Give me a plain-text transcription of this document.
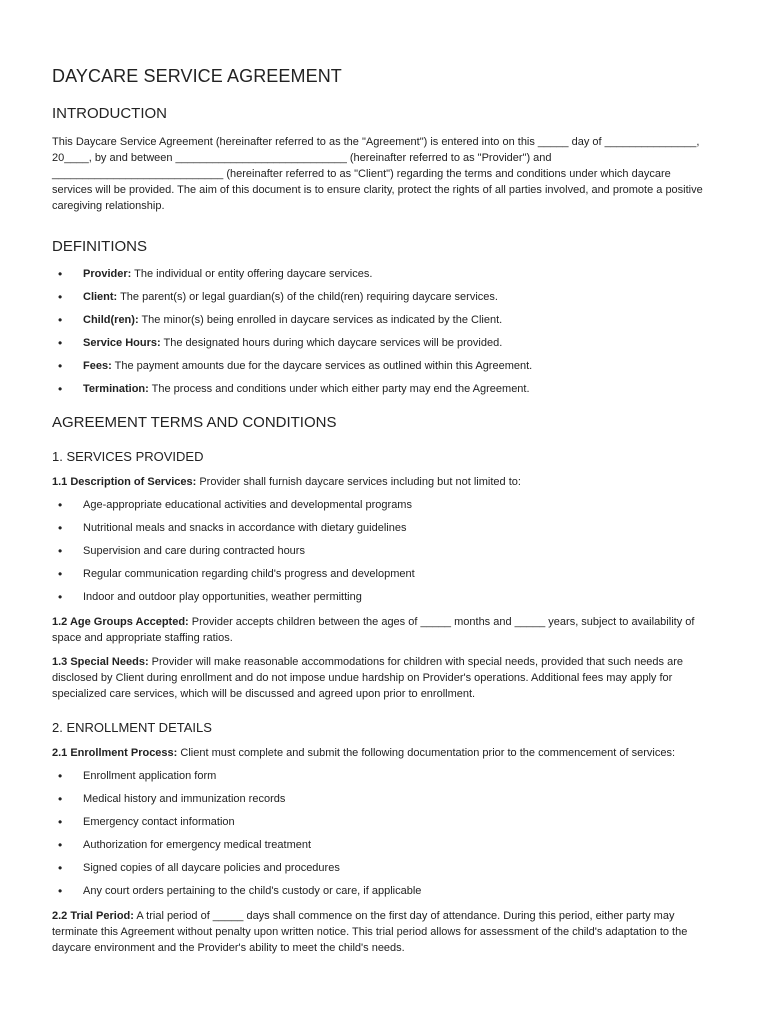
DAYCARE SERVICE AGREEMENT
INTRODUCTION

This Daycare Service Agreement (hereinafter referred to as the "Agreement") is entered into on this _____ day of _______________, 20____, by and between ____________________________ (hereinafter referred to as "Provider") and ____________________________ (hereinafter referred to as "Client") regarding the terms and conditions under which daycare services will be provided. The aim of this document is to ensure clarity, protect the rights of all parties involved, and promote a positive caregiving relationship.

DEFINITIONS
• Provider: The individual or entity offering daycare services.
• Client: The parent(s) or legal guardian(s) of the child(ren) requiring daycare services.
• Child(ren): The minor(s) being enrolled in daycare services as indicated by the Client.
• Service Hours: The designated hours during which daycare services will be provided.
• Fees: The payment amounts due for the daycare services as outlined within this Agreement.
• Termination: The process and conditions under which either party may end the Agreement.
AGREEMENT TERMS AND CONDITIONS
1. SERVICES PROVIDED

1.1 Description of Services: Provider shall furnish daycare services including but not limited to:

• Age-appropriate educational activities and developmental programs
• Nutritional meals and snacks in accordance with dietary guidelines
• Supervision and care during contracted hours
• Regular communication regarding child's progress and development
• Indoor and outdoor play opportunities, weather permitting

1.2 Age Groups Accepted: Provider accepts children between the ages of _____ months and _____ years, subject to availability of space and appropriate staffing ratios.

1.3 Special Needs: Provider will make reasonable accommodations for children with special needs, provided that such needs are disclosed by Client during enrollment and do not impose undue hardship on Provider's operations. Additional fees may apply for specialized care services, which will be discussed and agreed upon prior to enrollment.

2. ENROLLMENT DETAILS

2.1 Enrollment Process: Client must complete and submit the following documentation prior to the commencement of services:

• Enrollment application form
• Medical history and immunization records
• Emergency contact information
• Authorization for emergency medical treatment
• Signed copies of all daycare policies and procedures
• Any court orders pertaining to the child's custody or care, if applicable

2.2 Trial Period: A trial period of _____ days shall commence on the first day of attendance. During this period, either party may terminate this Agreement without penalty upon written notice. This trial period allows for assessment of the child's adaptation to the daycare environment and the Provider's ability to meet the child's needs.
